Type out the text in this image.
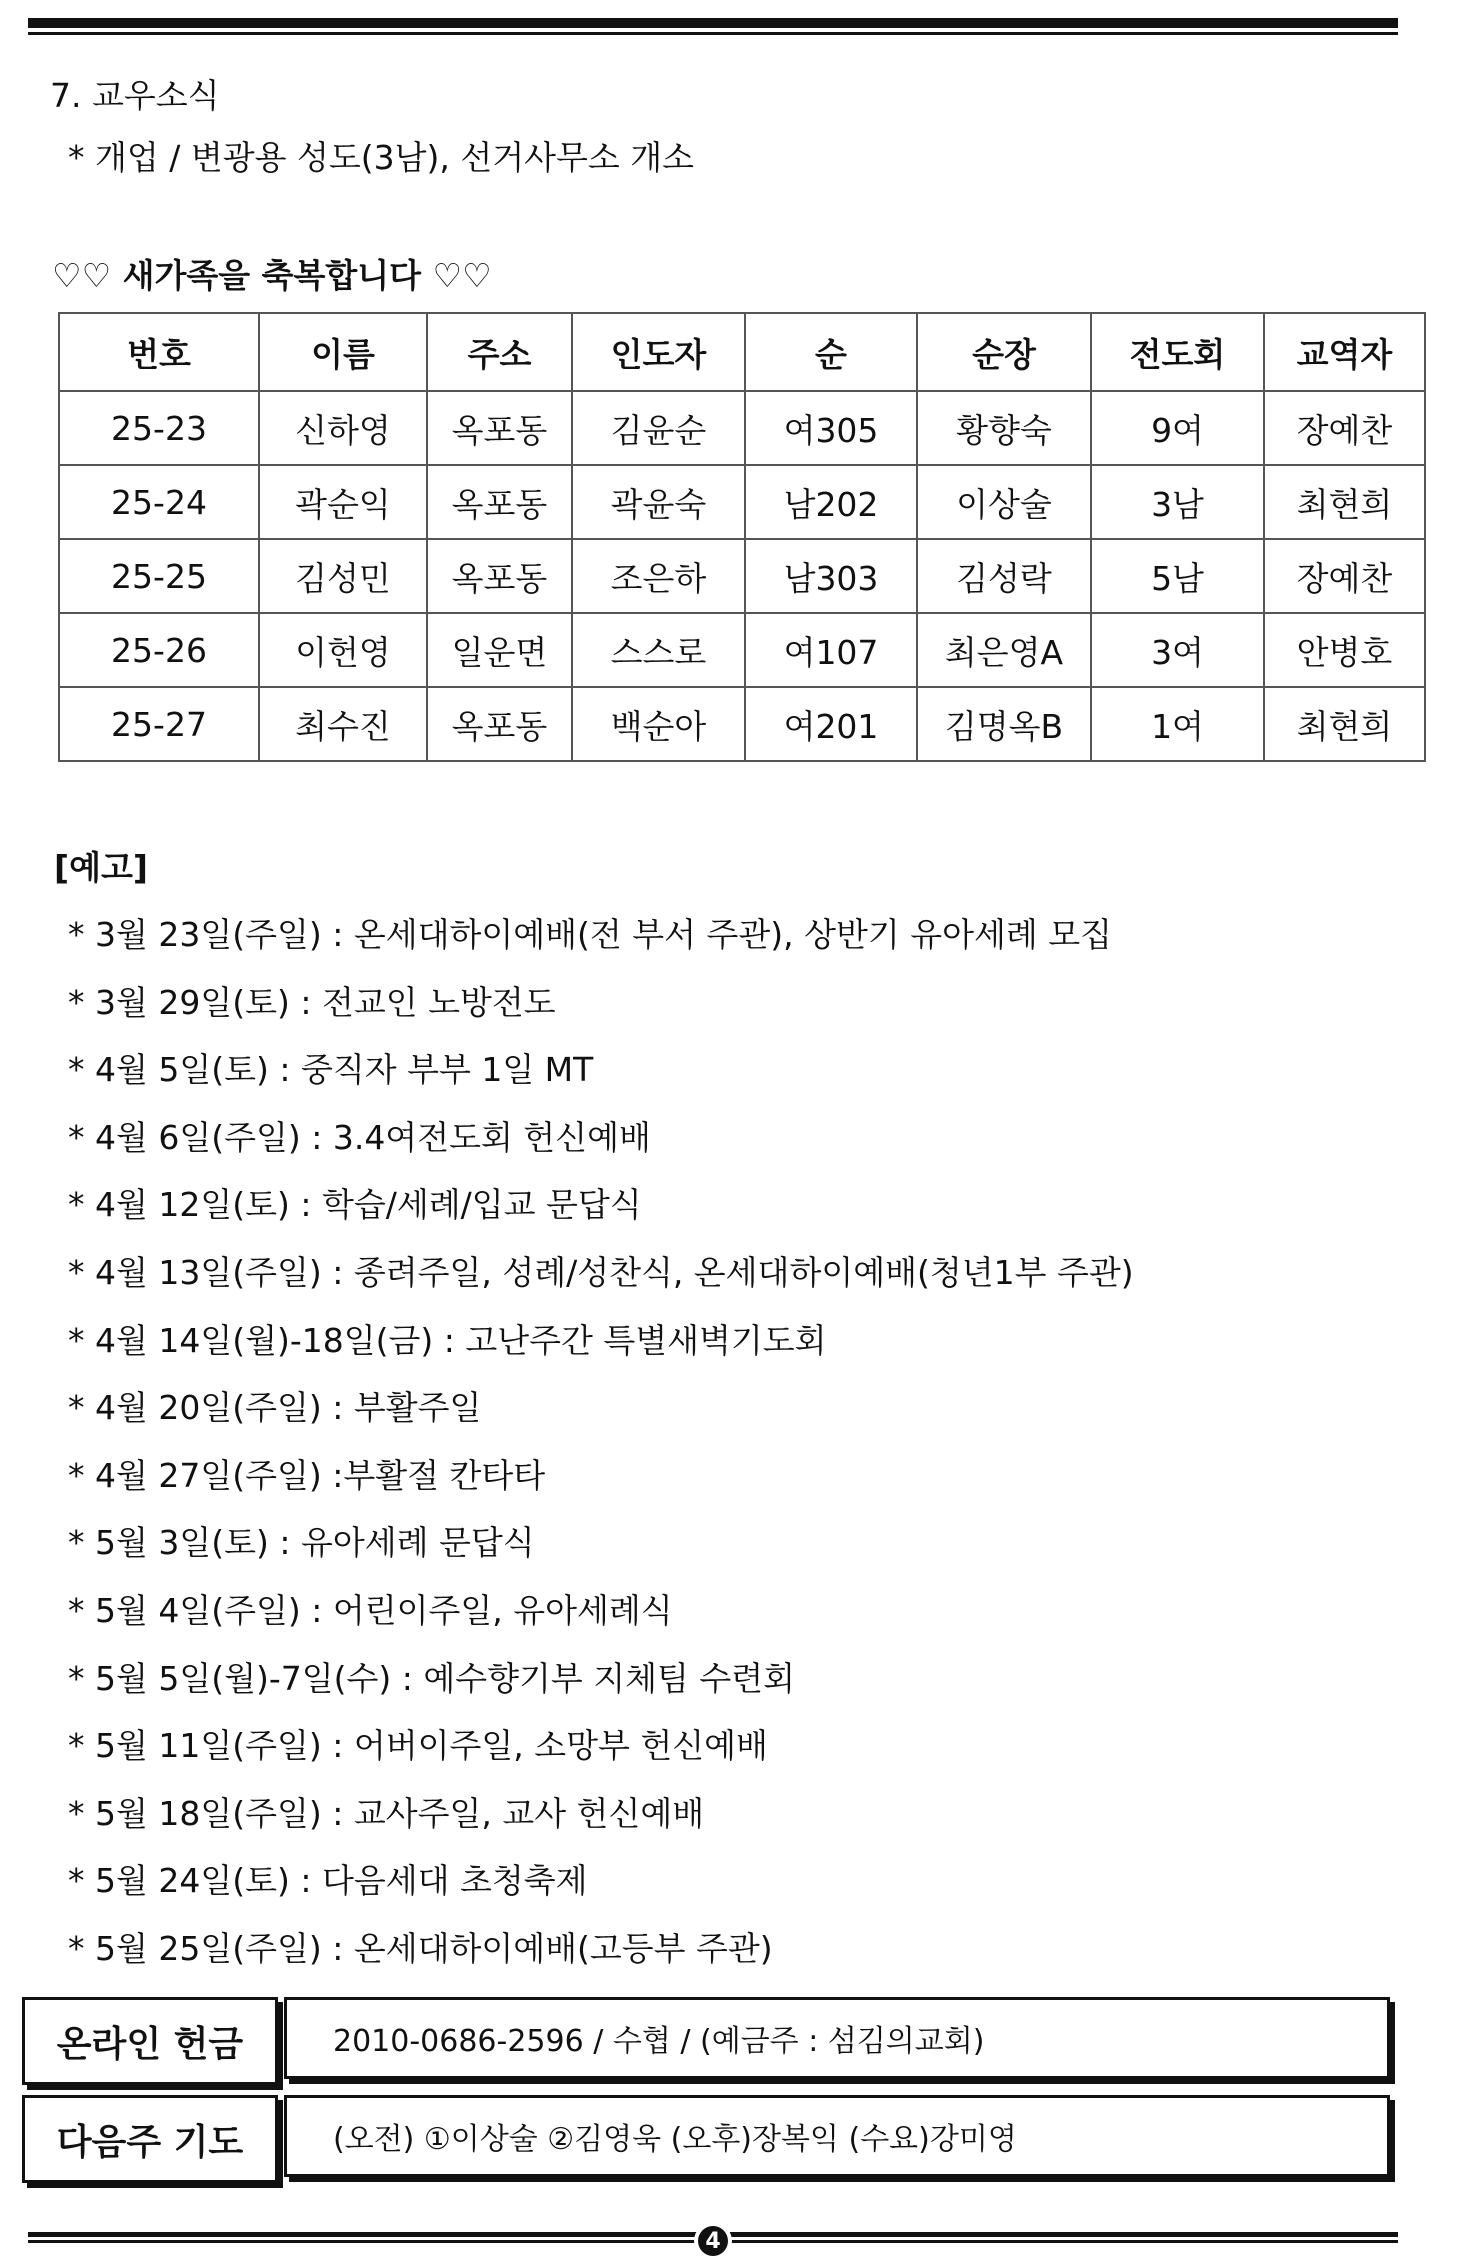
7. 교우소식
* 개업 / 변광용 성도(3남), 선거사무소 개소
♡♡ 새가족을 축복합니다 ♡♡
번호	이름	주소	인도자	순	순장	전도회	교역자
25-23	신하영	옥포동	김윤순	여305	황향숙	9여	장예찬
25-24	곽순익	옥포동	곽윤숙	남202	이상술	3남	최현희
25-25	김성민	옥포동	조은하	남303	김성락	5남	장예찬
25-26	이헌영	일운면	스스로	여107	최은영A	3여	안병호
25-27	최수진	옥포동	백순아	여201	김명옥B	1여	최현희
[예고]
* 3월 23일(주일) : 온세대하이예배(전 부서 주관), 상반기 유아세례 모집
* 3월 29일(토) : 전교인 노방전도
* 4월 5일(토) : 중직자 부부 1일 MT
* 4월 6일(주일) : 3.4여전도회 헌신예배
* 4월 12일(토) : 학습/세례/입교 문답식
* 4월 13일(주일) : 종려주일, 성례/성찬식, 온세대하이예배(청년1부 주관)
* 4월 14일(월)-18일(금) : 고난주간 특별새벽기도회
* 4월 20일(주일) : 부활주일
* 4월 27일(주일) :부활절 칸타타
* 5월 3일(토) : 유아세례 문답식
* 5월 4일(주일) : 어린이주일, 유아세례식
* 5월 5일(월)-7일(수) : 예수향기부 지체팀 수련회
* 5월 11일(주일) : 어버이주일, 소망부 헌신예배
* 5월 18일(주일) : 교사주일, 교사 헌신예배
* 5월 24일(토) : 다음세대 초청축제
* 5월 25일(주일) : 온세대하이예배(고등부 주관)
온라인 헌금	2010-0686-2596 / 수협 / (예금주 : 섬김의교회)
다음주 기도	(오전) ①이상술 ②김영욱 (오후)장복익 (수요)강미영
4
